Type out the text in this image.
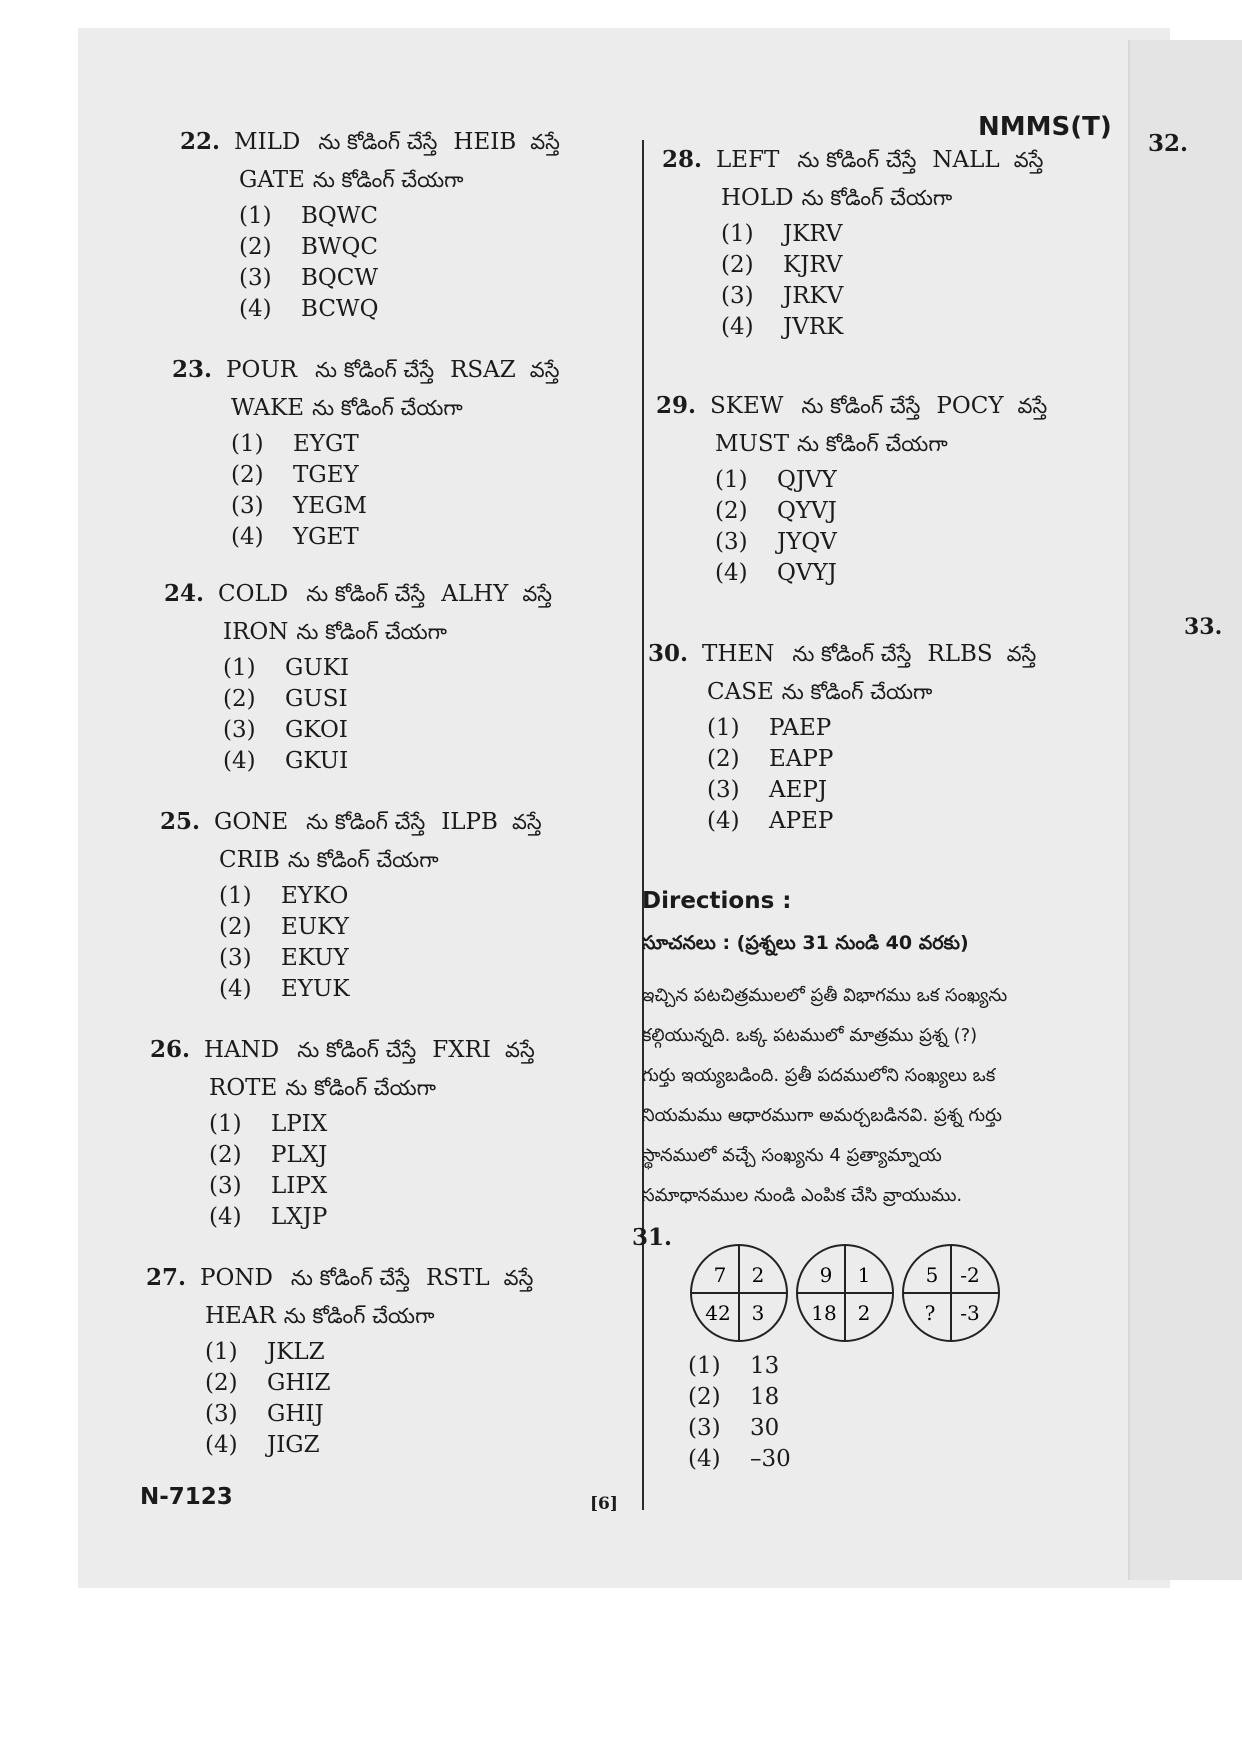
NMMS(T)
22. MILD ను కోడింగ్ చేస్తే HEIB వస్తే
GATE ను కోడింగ్ చేయగా
(1)	BQWC
(2)	BWQC
(3)	BQCW
(4)	BCWQ
23. POUR ను కోడింగ్ చేస్తే RSAZ వస్తే
WAKE ను కోడింగ్ చేయగా
(1)	EYGT
(2)	TGEY
(3)	YEGM
(4)	YGET
24. COLD ను కోడింగ్ చేస్తే ALHY వస్తే
IRON ను కోడింగ్ చేయగా
(1)	GUKI
(2)	GUSI
(3)	GKOI
(4)	GKUI
25. GONE ను కోడింగ్ చేస్తే ILPB వస్తే
CRIB ను కోడింగ్ చేయగా
(1)	EYKO
(2)	EUKY
(3)	EKUY
(4)	EYUK
26. HAND ను కోడింగ్ చేస్తే FXRI వస్తే
ROTE ను కోడింగ్ చేయగా
(1)	LPIX
(2)	PLXJ
(3)	LIPX
(4)	LXJP
27. POND ను కోడింగ్ చేస్తే RSTL వస్తే
HEAR ను కోడింగ్ చేయగా
(1)	JKLZ
(2)	GHIZ
(3)	GHIJ
(4)	JIGZ
28. LEFT ను కోడింగ్ చేస్తే NALL వస్తే
HOLD ను కోడింగ్ చేయగా
(1)	JKRV
(2)	KJRV
(3)	JRKV
(4)	JVRK
29. SKEW ను కోడింగ్ చేస్తే POCY వస్తే
MUST ను కోడింగ్ చేయగా
(1)	QJVY
(2)	QYVJ
(3)	JYQV
(4)	QVYJ
30. THEN ను కోడింగ్ చేస్తే RLBS వస్తే
CASE ను కోడింగ్ చేయగా
(1)	PAEP
(2)	EAPP
(3)	AEPJ
(4)	APEP
32.
33.
Directions :
సూచనలు : (ప్రశ్నలు 31 నుండి 40 వరకు)
ఇచ్చిన పటచిత్రములలో ప్రతీ విభాగము ఒక సంఖ్యను
కల్గియున్నది. ఒక్క పటములో మాత్రము ప్రశ్న (?)
గుర్తు ఇయ్యబడింది. ప్రతీ పదములోని సంఖ్యలు ఒక
నియమము ఆధారముగా అమర్చబడినవి. ప్రశ్న గుర్తు
స్థానములో వచ్చే సంఖ్యను 4 ప్రత్యామ్నాయ
సమాధానముల నుండి ఎంపిక చేసి వ్రాయుము.
31.
7 2
42 3
9 1
18 2
5 -2
? -3
(1)	13
(2)	18
(3)	30
(4)	–30
N-7123	[6]
